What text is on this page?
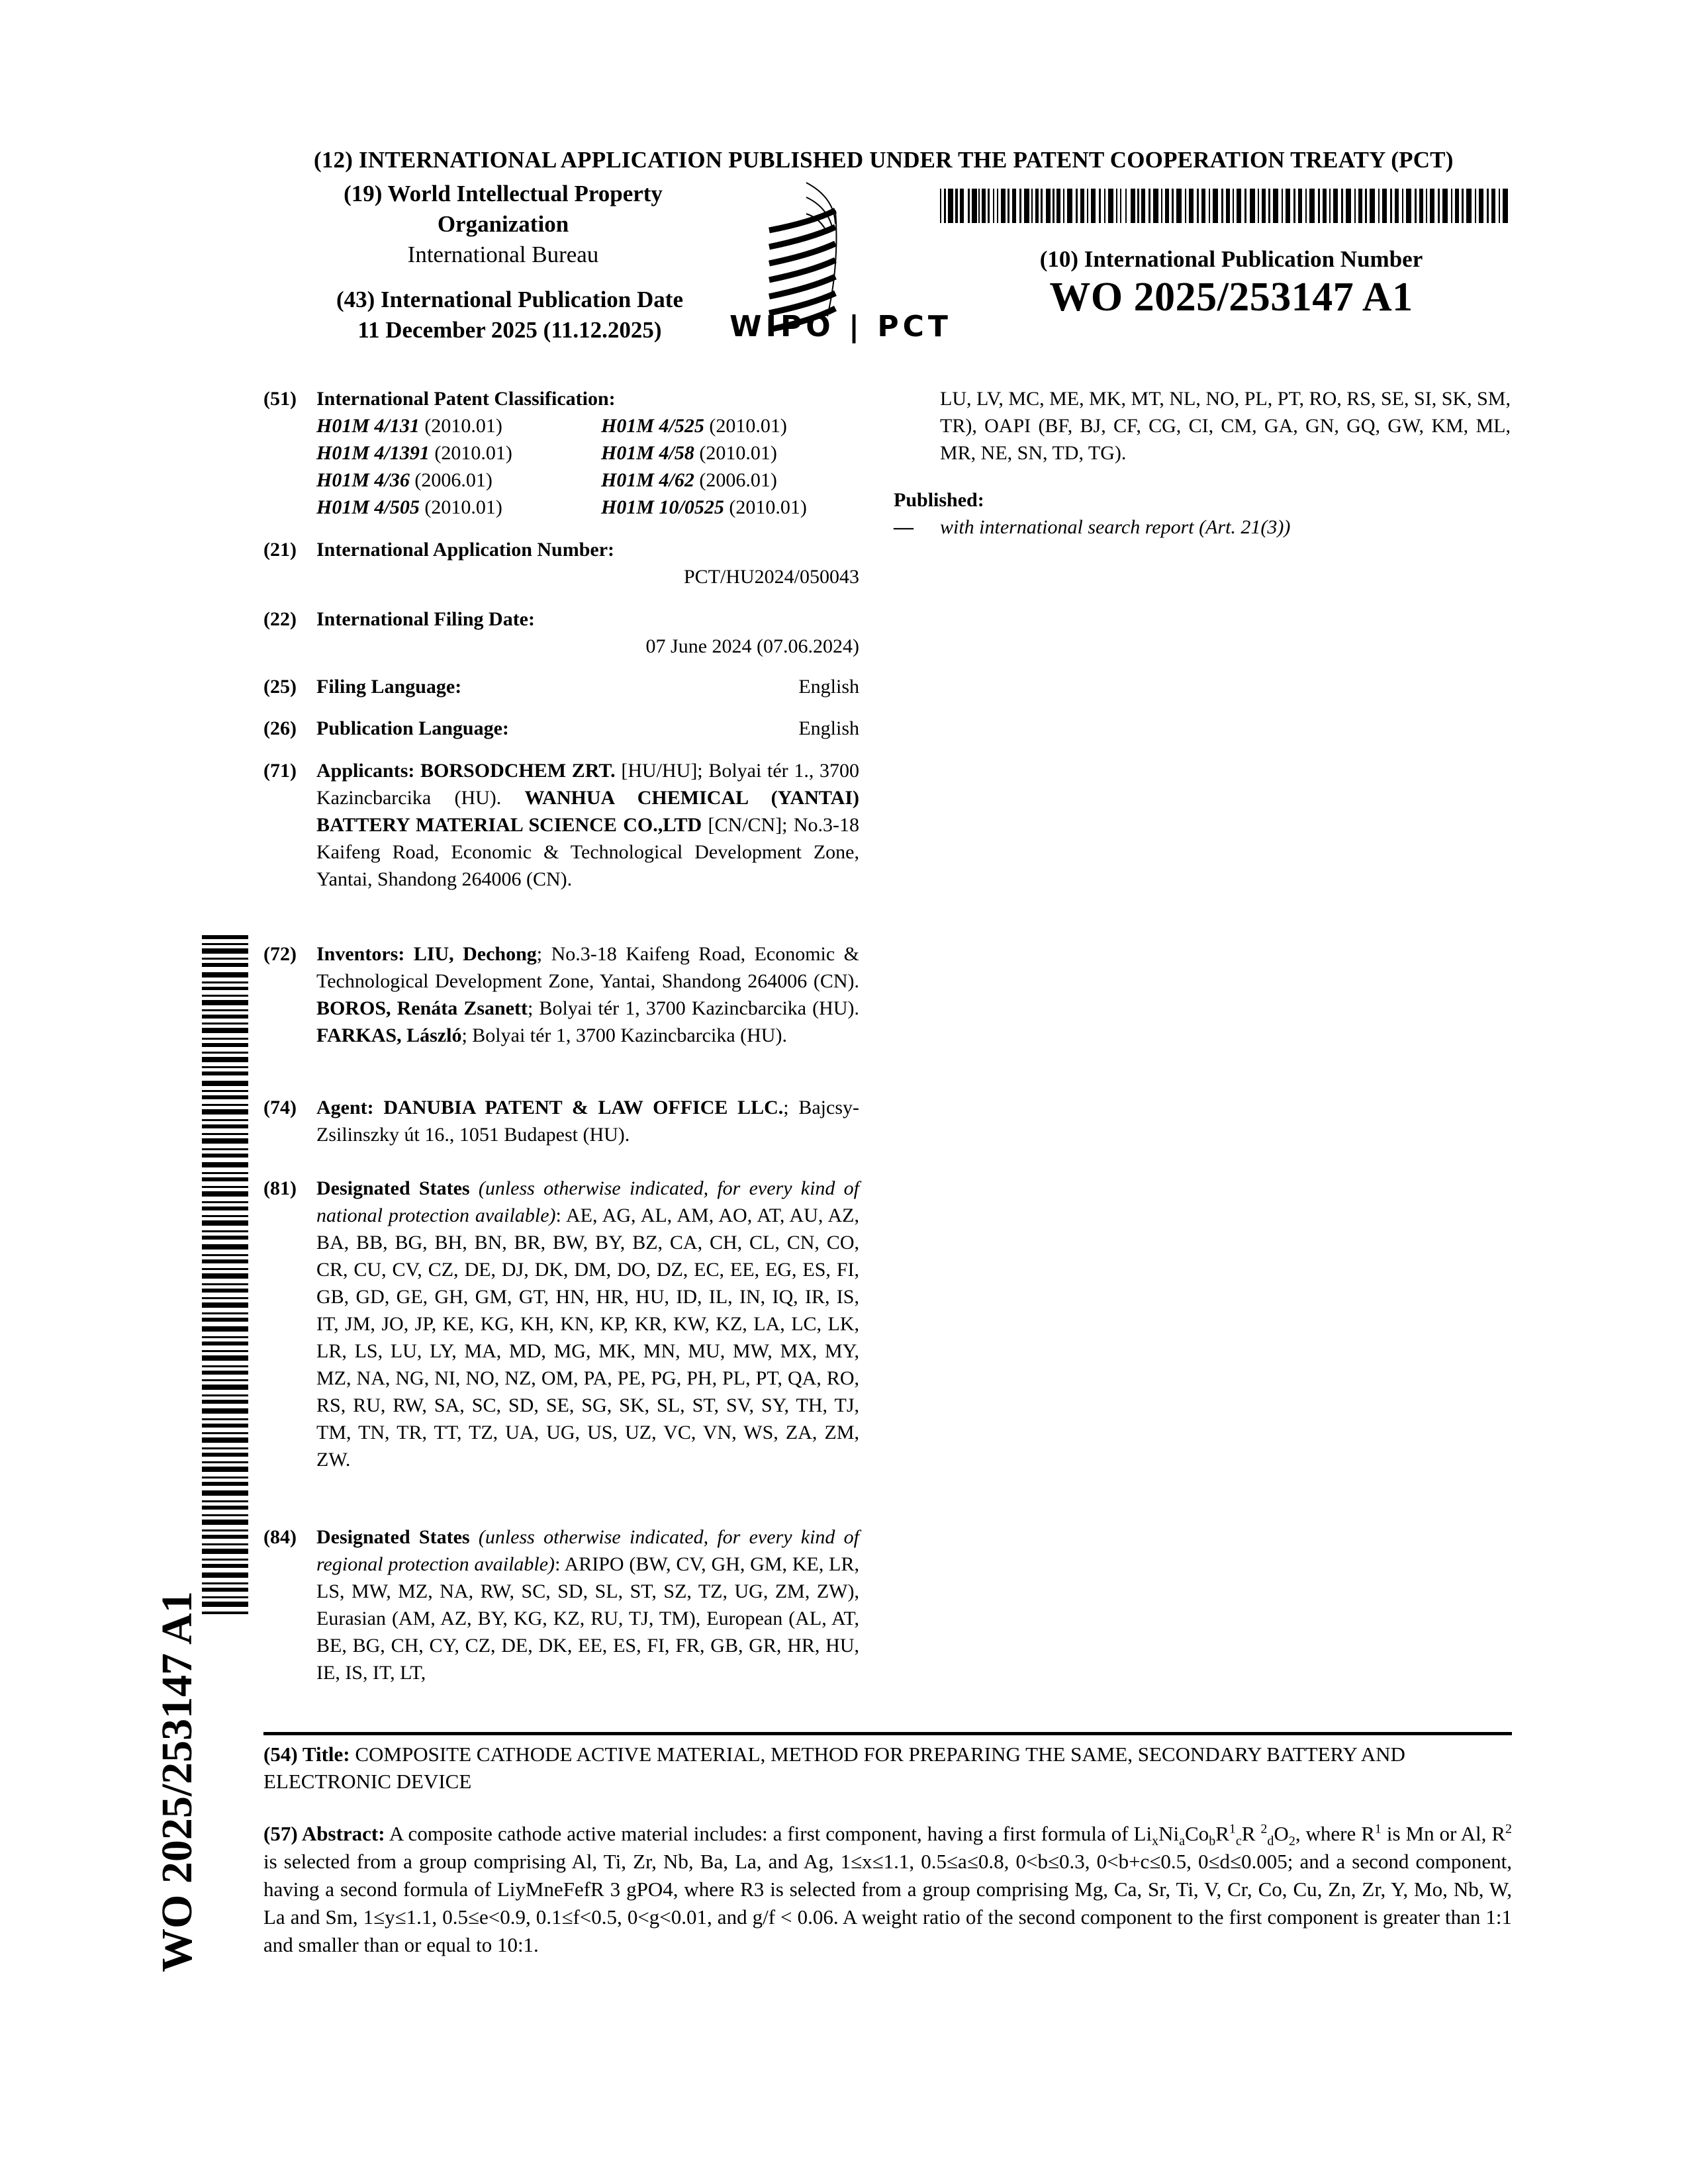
(12) INTERNATIONAL APPLICATION PUBLISHED UNDER THE PATENT COOPERATION TREATY (PCT)
(19) World Intellectual Property
Organization
International Bureau
(43) International Publication Date
11 December 2025 (11.12.2025)	WIPO | PCT
(10) International Publication Number
WO 2025/253147 A1
(51) International Patent Classification:
H01M 4/131 (2010.01)	H01M 4/525 (2010.01)
H01M 4/1391 (2010.01)	H01M 4/58 (2010.01)
H01M 4/36 (2006.01)	H01M 4/62 (2006.01)
H01M 4/505 (2010.01)	H01M 10/0525 (2010.01)
(21) International Application Number:
PCT/HU2024/050043
(22) International Filing Date:
07 June 2024 (07.06.2024)
(25) Filing Language:	English
(26) Publication Language:	English
(71) Applicants: BORSODCHEM ZRT. [HU/HU]; Bolyai tér 1., 3700 Kazincbarcika (HU). WANHUA CHEMICAL (YANTAI) BATTERY MATERIAL SCIENCE CO.,LTD [CN/CN]; No.3-18 Kaifeng Road, Economic & Technological Development Zone, Yantai, Shandong 264006 (CN).
(72) Inventors: LIU, Dechong; No.3-18 Kaifeng Road, Economic & Technological Development Zone, Yantai, Shandong 264006 (CN). BOROS, Renáta Zsanett; Bolyai tér 1, 3700 Kazincbarcika (HU). FARKAS, László; Bolyai tér 1, 3700 Kazincbarcika (HU).
(74) Agent: DANUBIA PATENT & LAW OFFICE LLC.; Bajcsy-Zsilinszky út 16., 1051 Budapest (HU).
(81) Designated States (unless otherwise indicated, for every kind of national protection available): AE, AG, AL, AM, AO, AT, AU, AZ, BA, BB, BG, BH, BN, BR, BW, BY, BZ, CA, CH, CL, CN, CO, CR, CU, CV, CZ, DE, DJ, DK, DM, DO, DZ, EC, EE, EG, ES, FI, GB, GD, GE, GH, GM, GT, HN, HR, HU, ID, IL, IN, IQ, IR, IS, IT, JM, JO, JP, KE, KG, KH, KN, KP, KR, KW, KZ, LA, LC, LK, LR, LS, LU, LY, MA, MD, MG, MK, MN, MU, MW, MX, MY, MZ, NA, NG, NI, NO, NZ, OM, PA, PE, PG, PH, PL, PT, QA, RO, RS, RU, RW, SA, SC, SD, SE, SG, SK, SL, ST, SV, SY, TH, TJ, TM, TN, TR, TT, TZ, UA, UG, US, UZ, VC, VN, WS, ZA, ZM, ZW.
(84) Designated States (unless otherwise indicated, for every kind of regional protection available): ARIPO (BW, CV, GH, GM, KE, LR, LS, MW, MZ, NA, RW, SC, SD, SL, ST, SZ, TZ, UG, ZM, ZW), Eurasian (AM, AZ, BY, KG, KZ, RU, TJ, TM), European (AL, AT, BE, BG, CH, CY, CZ, DE, DK, EE, ES, FI, FR, GB, GR, HR, HU, IE, IS, IT, LT,
LU, LV, MC, ME, MK, MT, NL, NO, PL, PT, RO, RS, SE, SI, SK, SM, TR), OAPI (BF, BJ, CF, CG, CI, CM, GA, GN, GQ, GW, KM, ML, MR, NE, SN, TD, TG).
Published:
—	with international search report (Art. 21(3))
WO 2025/253147 A1	(54) Title: COMPOSITE CATHODE ACTIVE MATERIAL, METHOD FOR PREPARING THE SAME, SECONDARY BATTERY AND ELECTRONIC DEVICE
(57) Abstract: A composite cathode active material includes: a first component, having a first formula of $Li_xNi_aCo_bR^1_cR$ $^2_dO_2$, where $R^1$ is Mn or Al, $R^2$ is selected from a group comprising Al, Ti, Zr, Nb, Ba, La, and Ag, 1≤x≤1.1, 0.5≤a≤0.8, 0<b≤0.3, 0<b+c≤0.5, 0≤d≤0.005; and a second component, having a second formula of LiyMneFefR 3 gPO4, where R3 is selected from a group comprising Mg, Ca, Sr, Ti, V, Cr, Co, Cu, Zn, Zr, Y, Mo, Nb, W, La and Sm, 1≤y≤1.1, 0.5≤e<0.9, 0.1≤f<0.5, 0<g<0.01, and g/f < 0.06. A weight ratio of the second component to the first component is greater than 1:1 and smaller than or equal to 10:1.
